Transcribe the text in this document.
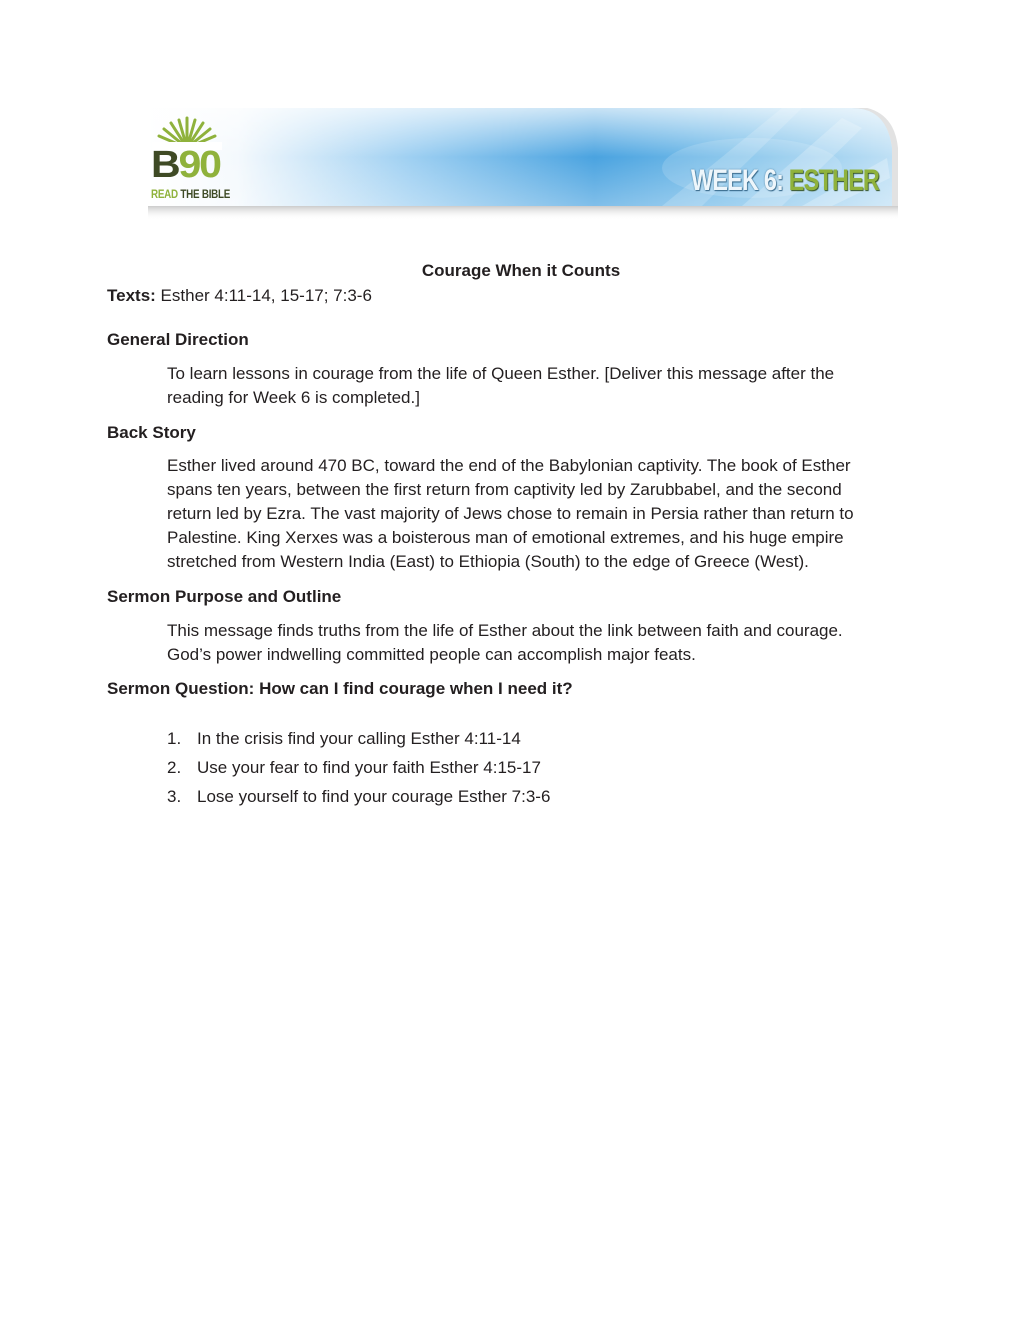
B90
READ THE BIBLE	WEEK 6: ESTHER
Courage When it Counts
Texts: Esther 4:11-14, 15-17; 7:3-6
General Direction

To learn lessons in courage from the life of Queen Esther. [Deliver this message after the

reading for Week 6 is completed.]

Back Story

Esther lived around 470 BC, toward the end of the Babylonian captivity. The book of Esther

spans ten years, between the first return from captivity led by Zarubbabel, and the second

return led by Ezra. The vast majority of Jews chose to remain in Persia rather than return to

Palestine. King Xerxes was a boisterous man of emotional extremes, and his huge empire

stretched from Western India (East) to Ethiopia (South) to the edge of Greece (West).

Sermon Purpose and Outline

This message finds truths from the life of Esther about the link between faith and courage.

God’s power indwelling committed people can accomplish major feats.

Sermon Question: How can I find courage when I need it?
1. In the crisis find your calling Esther 4:11-14
2. Use your fear to find your faith Esther 4:15-17
3. Lose yourself to find your courage Esther 7:3-6
